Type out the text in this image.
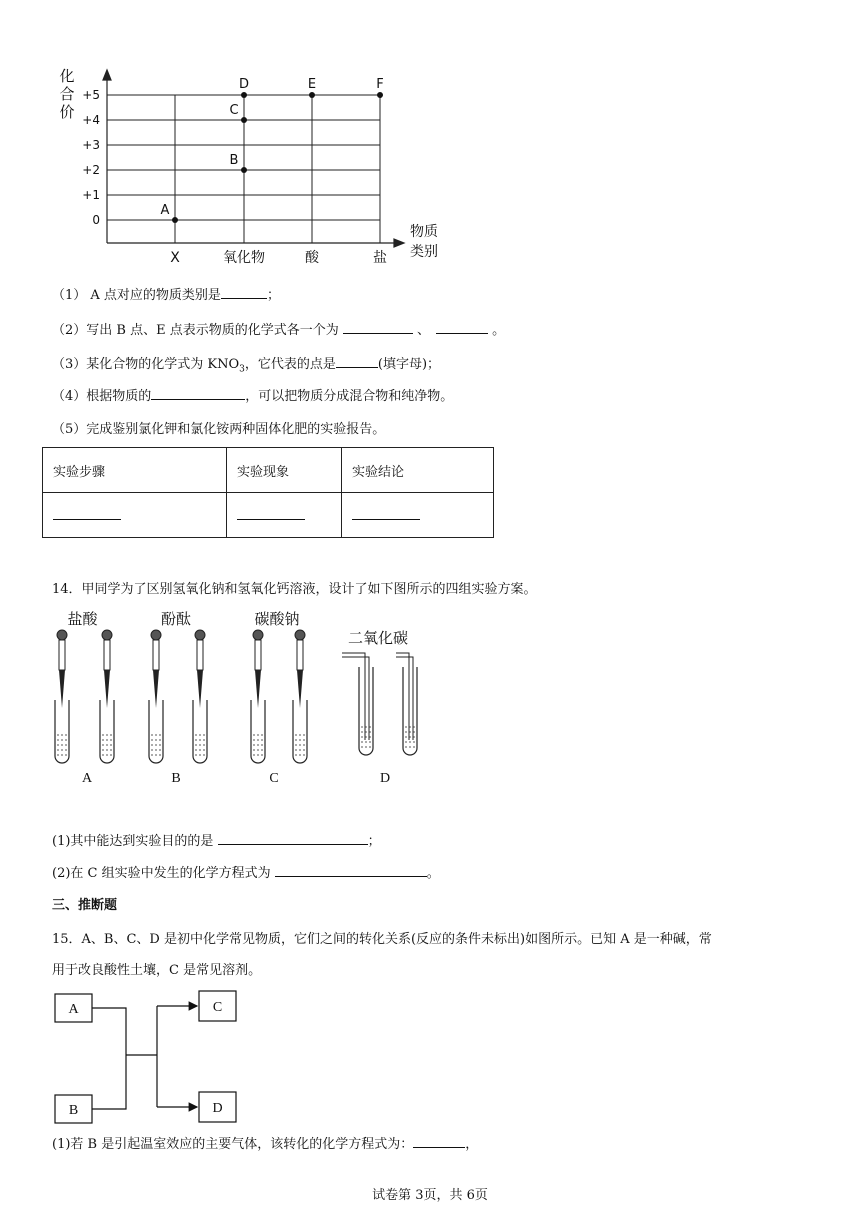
0
+1
+2
+3
+4
+5
X	氧化物	酸	盐
化
合
价
物质
类别
A
B
C
D	E	F
（1） A 点对应的物质类别是	；
（2）写出 B 点、E 点表示物质的化学式各一个为	、	。
（3）某化合物的化学式为 $KNO_3$，它代表的点是	(填字母)；
（4）根据物质的	，可以把物质分成混合物和纯净物。
（5）完成鉴别氯化钾和氯化铵两种固体化肥的实验报告。
实验步骤	实验现象	实验结论

14．甲同学为了区别氢氧化钠和氢氧化钙溶液，设计了如下图所示的四组实验方案。
盐酸
A
酚酞
B
碳酸钠
C
二氧化碳
D
(1)其中能达到实验目的的是	；
(2)在 C 组实验中发生的化学方程式为	。
三、推断题
15．A、B、C、D 是初中化学常见物质，它们之间的转化关系(反应的条件未标出)如图所示。已知 A 是一种碱，常
用于改良酸性土壤，C 是常见溶剂。
A
B
C
D
(1)若 B 是引起温室效应的主要气体，该转化的化学方程式为：	，
试卷第 3页，共 6页
